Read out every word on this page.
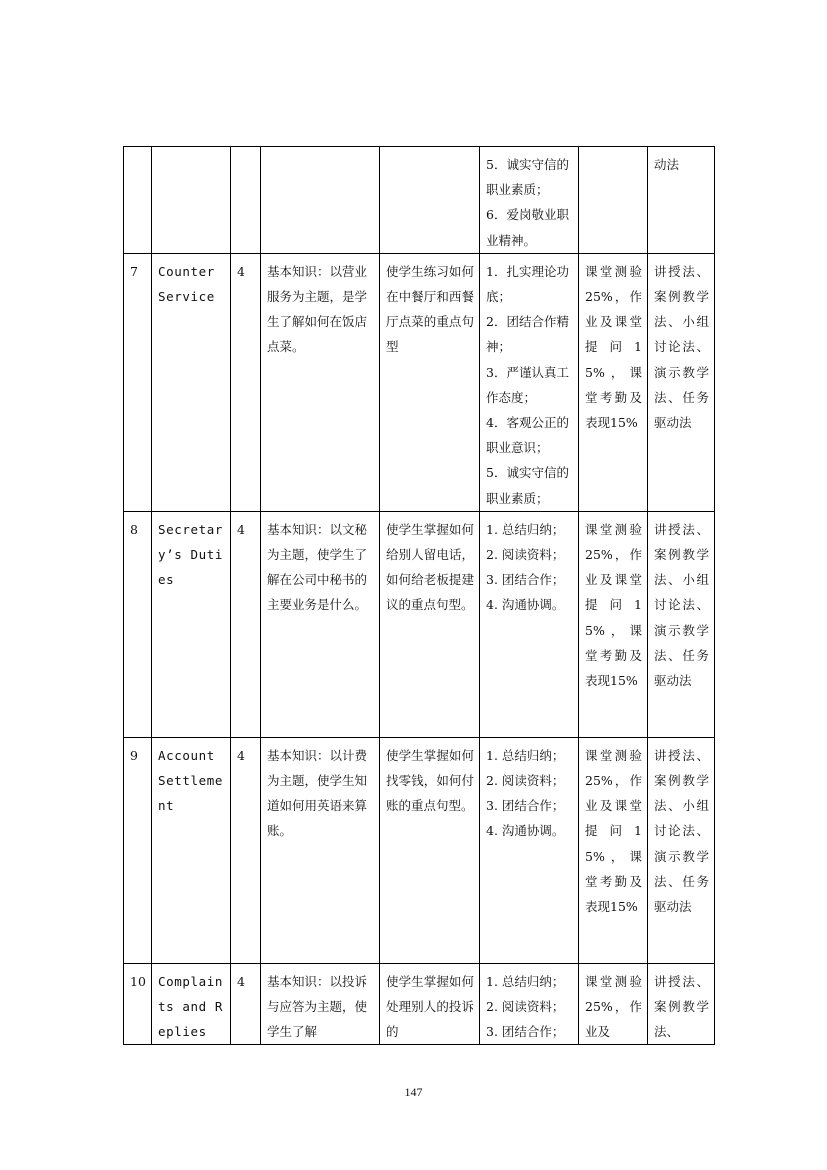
					5．诚实守信的职业素质；
6．爱岗敬业职业精神。		动法
7	Counter Service	4	基本知识：以营业服务为主题，是学生了解如何在饭店点菜。	使学生练习如何在中餐厅和西餐厅点菜的重点句型	1．扎实理论功底；
2．团结合作精神；
3．严谨认真工作态度；
4．客观公正的职业意识；
5．诚实守信的职业素质；	课堂测验25%，作业及课堂提问15%，课堂考勤及表现15%	讲授法、案例教学法、小组讨论法、演示教学法、任务驱动法
8	Secretary’s Duties	4	基本知识：以文秘为主题，使学生了解在公司中秘书的主要业务是什么。	使学生掌握如何给别人留电话，如何给老板提建议的重点句型。	1. 总结归纳；
2. 阅读资料；
3. 团结合作；
4. 沟通协调。	课堂测验25%，作业及课堂提问15%，课堂考勤及表现15%	讲授法、案例教学法、小组讨论法、演示教学法、任务驱动法
9	Account Settlement	4	基本知识：以计费为主题，使学生知道如何用英语来算账。	使学生掌握如何找零钱，如何付账的重点句型。	1. 总结归纳；
2. 阅读资料；
3. 团结合作；
4. 沟通协调。	课堂测验25%，作业及课堂提问15%，课堂考勤及表现15%	讲授法、案例教学法、小组讨论法、演示教学法、任务驱动法
10	Complaints and Replies	4	基本知识：以投诉与应答为主题，使学生了解	使学生掌握如何处理别人的投诉的	1. 总结归纳；
2. 阅读资料；
3. 团结合作；	课堂测验25%，作业及	讲授法、案例教学法、
147
